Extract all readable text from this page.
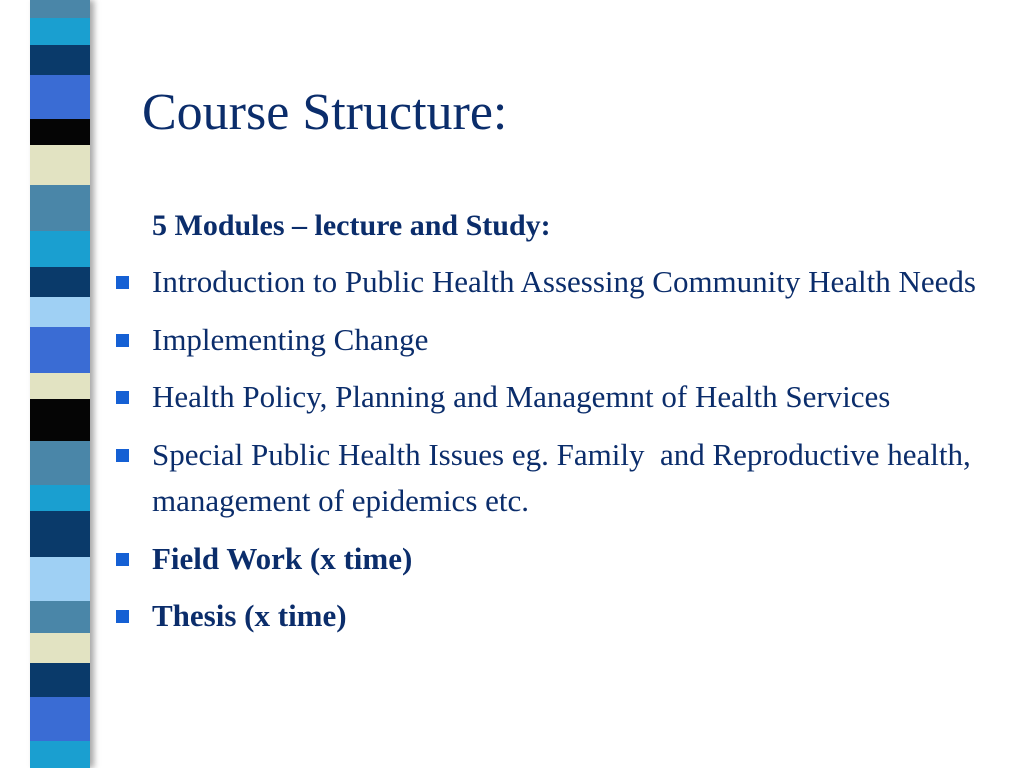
Course Structure:

5 Modules – lecture and Study:

Introduction to Public Health Assessing Community Health Needs
Implementing Change
Health Policy, Planning and Managemnt of Health Services
Special Public Health Issues eg. Family  and Reproductive health, management of epidemics etc.
Field Work (x time)
Thesis (x time)
